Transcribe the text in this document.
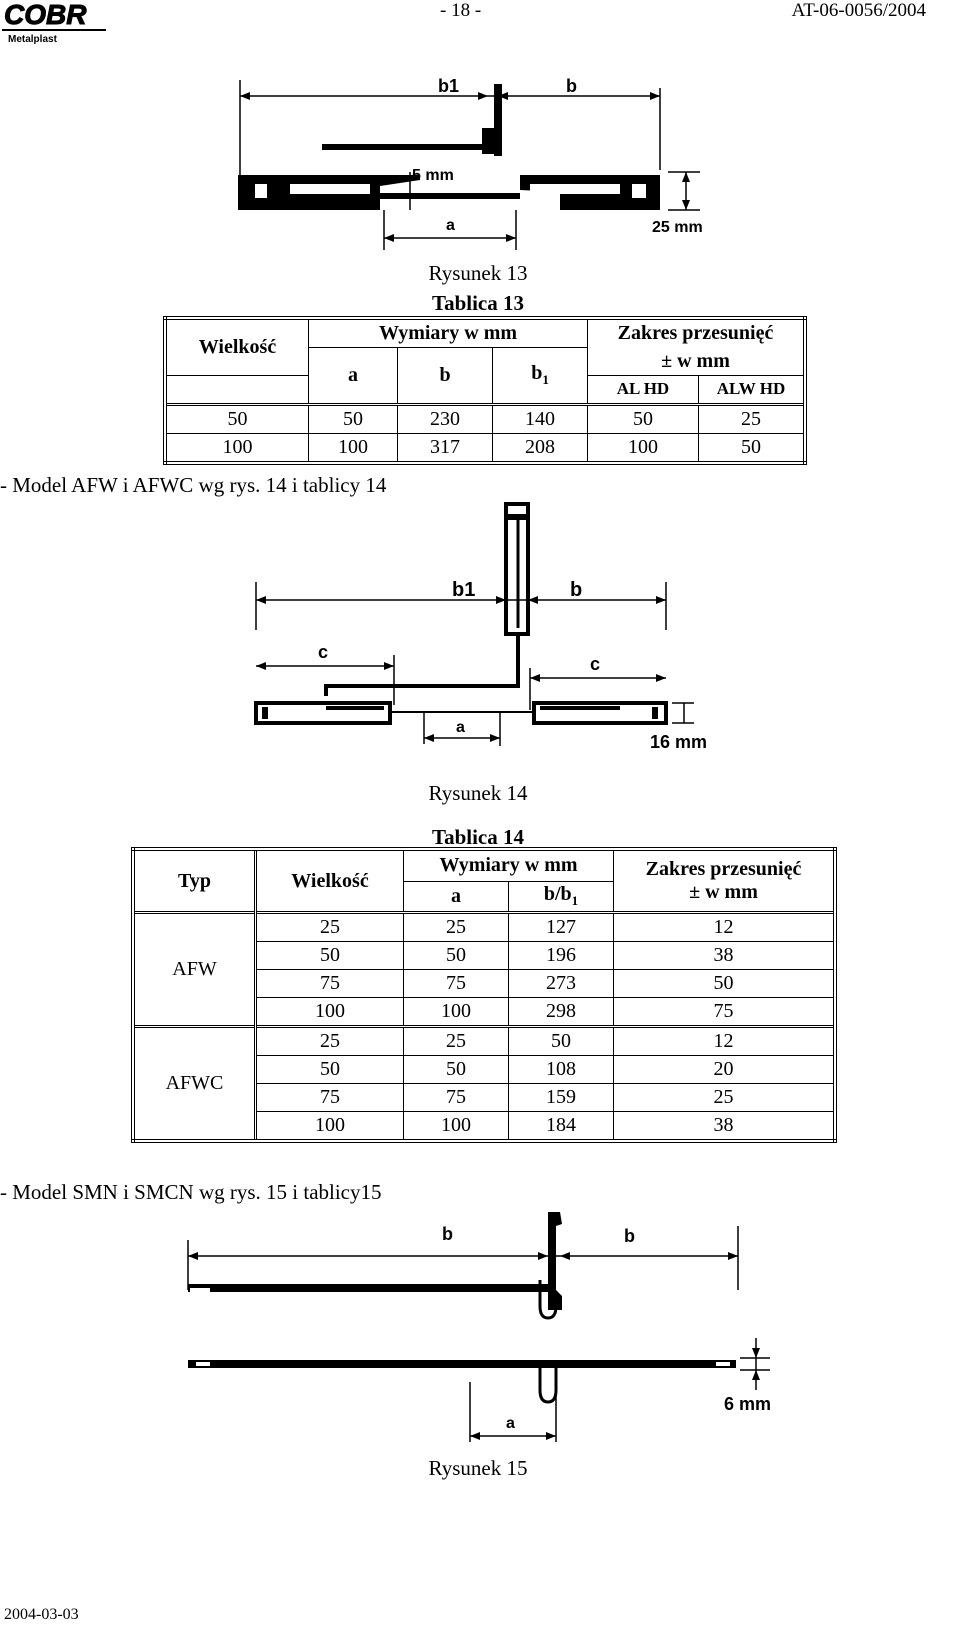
COBR
Metalplast
- 18 -	AT-06-0056/2004
b1	b
5 mm
a	25 mm
Rysunek 13
Tablica 13
Wielkość	Wymiary w mm			Zakres przesunięć	
	a	b	$b_1$	± w mm	
				AL HD	ALW HD
50	50	230	140	50	25
100	100	317	208	100	50
- Model AFW i AFWC wg rys. 14 i tablicy 14
b1	b
c
c
a
16 mm
Rysunek 14
Tablica 14
Typ	Wielkość	Wymiary w mm		Zakres przesunięć
± w mm
		a	$b/b_1$
AFW	25	25	127	12
	50	50	196	38
	75	75	273	50
	100	100	298	75
AFWC	25	25	50	12
	50	50	108	20
	75	75	159	25
	100	100	184	38
- Model SMN i SMCN wg rys. 15 i tablicy15
b	b
a
6 mm
Rysunek 15
2004-03-03
